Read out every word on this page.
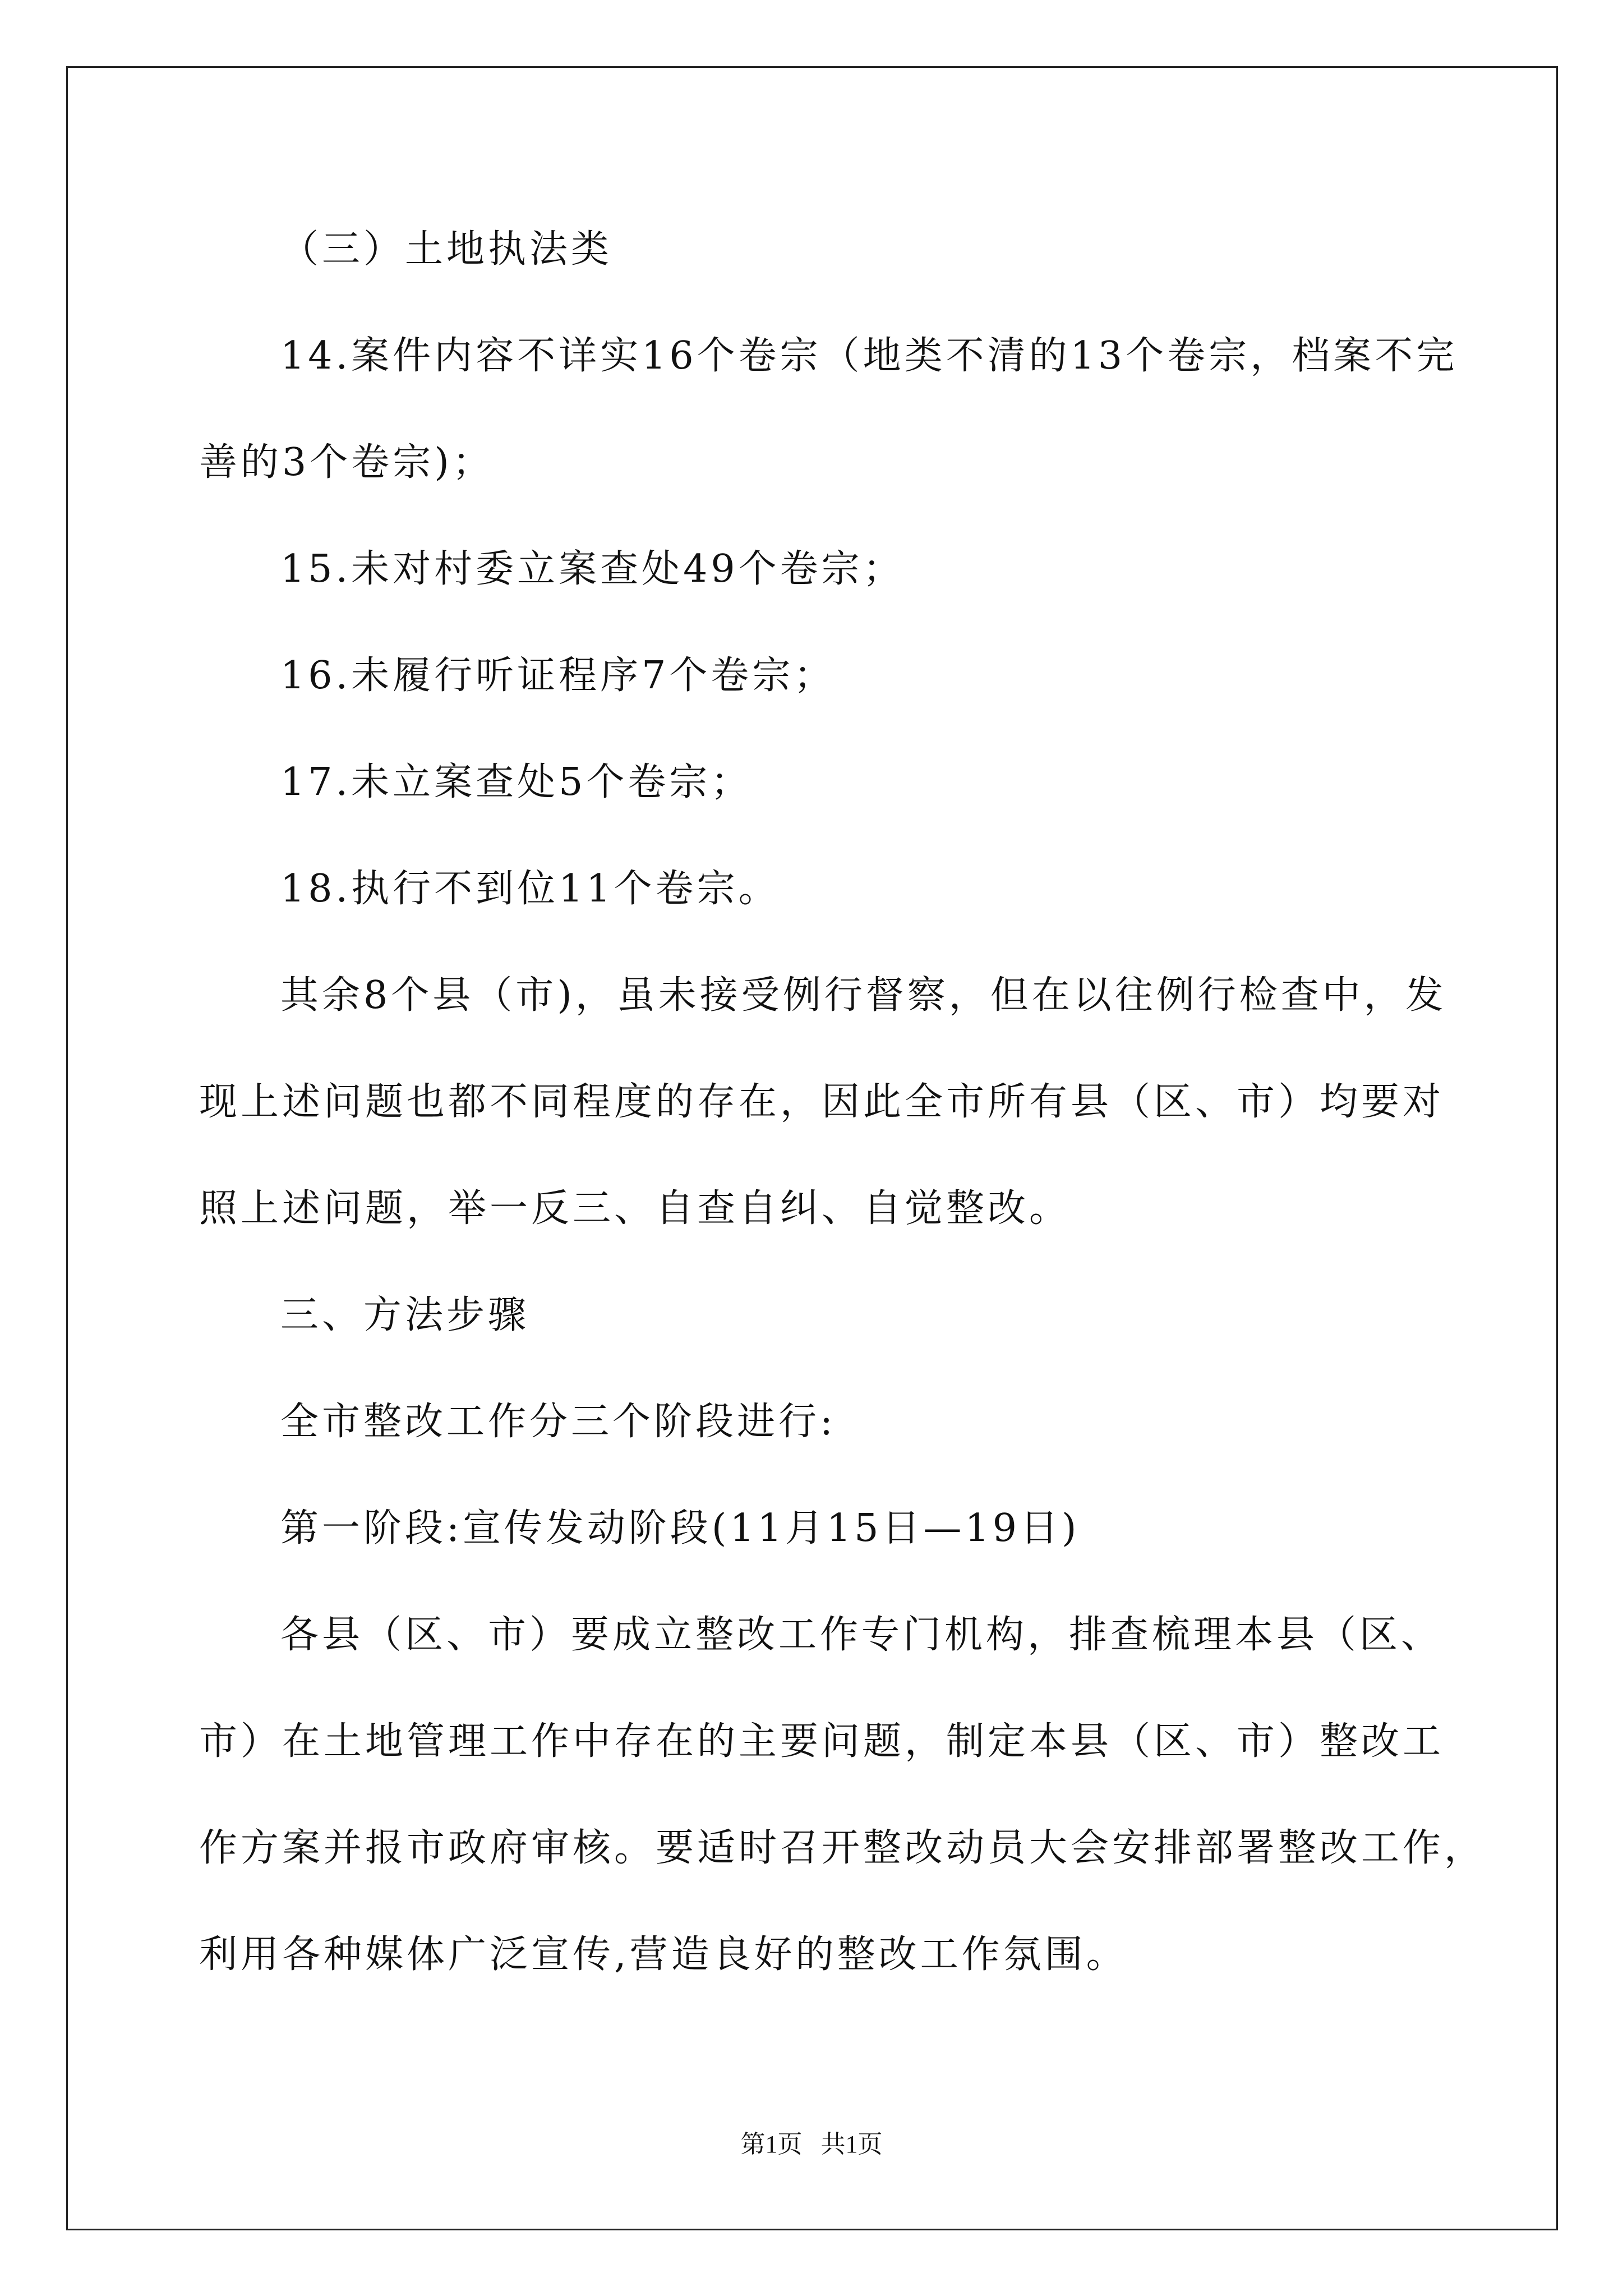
（三）土地执法类
14.案件内容不详实16个卷宗（地类不清的13个卷宗，档案不完
善的3个卷宗)；
15.未对村委立案查处49个卷宗；
16.未履行听证程序7个卷宗；
17.未立案查处5个卷宗；
18.执行不到位11个卷宗。
其余8个县（市)，虽未接受例行督察，但在以往例行检查中，发
现上述问题也都不同程度的存在，因此全市所有县（区、市）均要对
照上述问题，举一反三、自查自纠、自觉整改。
三、方法步骤
全市整改工作分三个阶段进行:
第一阶段:宣传发动阶段(11月15日—19日)
各县（区、市）要成立整改工作专门机构，排查梳理本县（区、
市）在土地管理工作中存在的主要问题，制定本县（区、市）整改工
作方案并报市政府审核。要适时召开整改动员大会安排部署整改工作，
利用各种媒体广泛宣传,营造良好的整改工作氛围。
第1页   共1页
